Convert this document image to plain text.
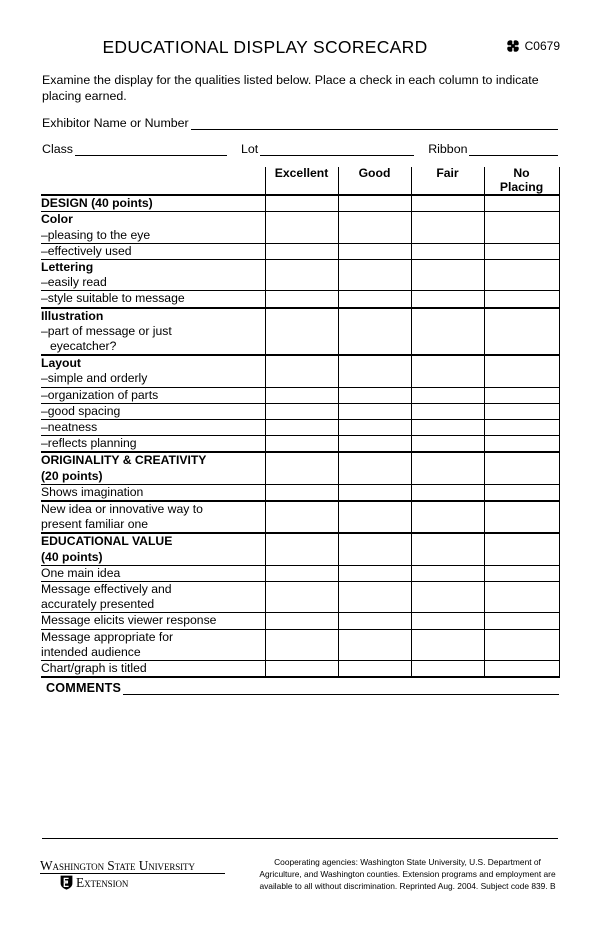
EDUCATIONAL DISPLAY SCORECARD	C0679
Examine the display for the qualities listed below. Place a check in each column to indicate placing earned.
Exhibitor Name or Number
Class	Lot	Ribbon
	Excellent	Good	Fair	No
Placing

DESIGN (40 points)				

Color
–pleasing to the eye				

–effectively used				

Lettering
–easily read				

–style suitable to message				

Illustration
–part of message or just
eyecatcher?				

Layout
–simple and orderly				

–organization of parts				

–good spacing				

–neatness				

–reflects planning				

ORIGINALITY & CREATIVITY
(20 points)				

Shows imagination				

New idea or innovative way to
present familiar one				

EDUCATIONAL VALUE
(40 points)				

One main idea				

Message effectively and
accurately presented				

Message elicits viewer response				

Message appropriate for
intended audience				

Chart/graph is titled				

COMMENTS				
Washington State University
Extension
Cooperating agencies: Washington State University, U.S. Department of Agriculture, and Washington counties. Extension programs and employment are available to all without discrimination. Reprinted Aug. 2004. Subject code 839. B
